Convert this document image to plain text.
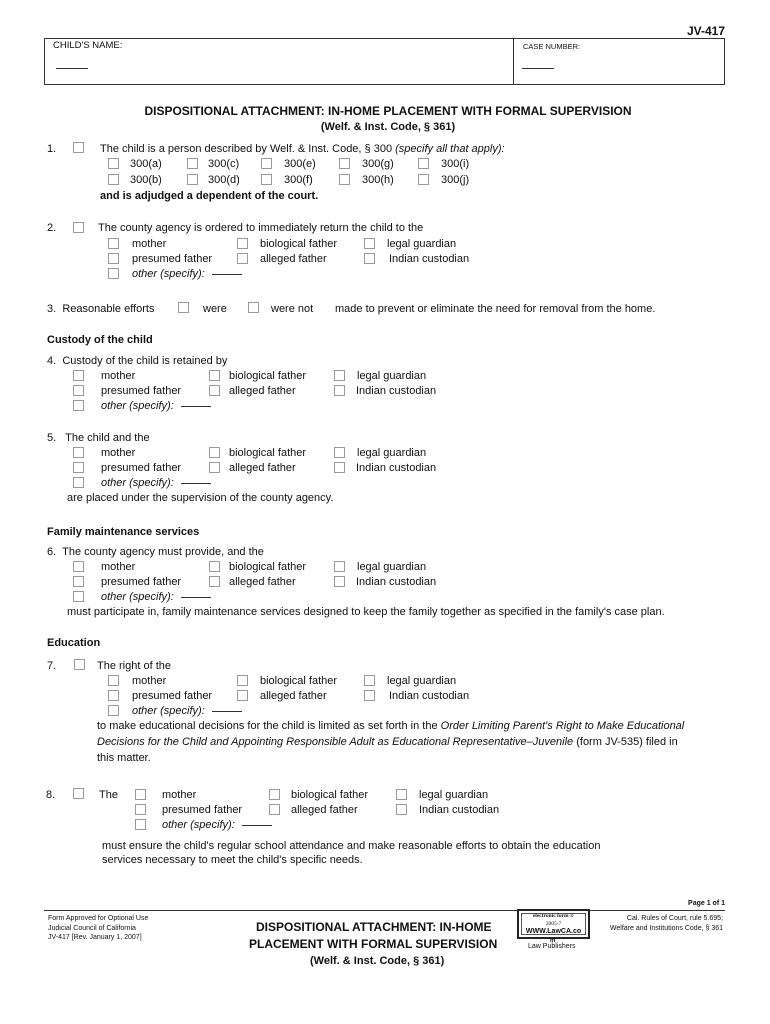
JV-417
CHILD'S NAME:	CASE NUMBER:
DISPOSITIONAL ATTACHMENT: IN-HOME PLACEMENT WITH FORMAL SUPERVISION
(Welf. & Inst. Code, § 361)
1.	The child is a person described by Welf. & Inst. Code, § 300 (specify all that apply):
300(a)	300(c)	300(e)	300(g)	300(i)
300(b)	300(d)	300(f)	300(h)	300(j)
and is adjudged a dependent of the court.
2.	The county agency is ordered to immediately return the child to the
mother	biological father	legal guardian
presumed father	alleged father	Indian custodian
other (specify):
3. Reasonable efforts	were	were not made to prevent or eliminate the need for removal from the home.
Custody of the child
4. Custody of the child is retained by
mother	biological father	legal guardian
presumed father	alleged father	Indian custodian
other (specify):
5. The child and the
mother	biological father	legal guardian
presumed father	alleged father	Indian custodian
other (specify):
are placed under the supervision of the county agency.
Family maintenance services
6. The county agency must provide, and the
mother	biological father	legal guardian
presumed father	alleged father	Indian custodian
other (specify):
must participate in, family maintenance services designed to keep the family together as specified in the family's case plan.
Education
7.	The right of the
mother	biological father	legal guardian
presumed father	alleged father	Indian custodian
other (specify):
to make educational decisions for the child is limited as set forth in the Order Limiting Parent's Right to Make Educational
Decisions for the Child and Appointing Responsible Adult as Educational Representative–Juvenile (form JV-535) filed in
this matter.
8.	The	mother	biological father	legal guardian
presumed father	alleged father	Indian custodian
other (specify):
must ensure the child's regular school attendance and make reasonable efforts to obtain the education
services necessary to meet the child's specific needs.
Page 1 of 1
Form Approved for Optional Use
Judicial Council of California
JV-417 [Rev. January 1, 2007]
DISPOSITIONAL ATTACHMENT: IN-HOME
PLACEMENT WITH FORMAL SUPERVISION
(Welf. & Inst. Code, § 361)
electronic form ©
2005-7
WWW.LawCA.co
m
Law Publishers
Cal. Rules of Court, rule 5.695;
Welfare and Institutions Code, § 361
